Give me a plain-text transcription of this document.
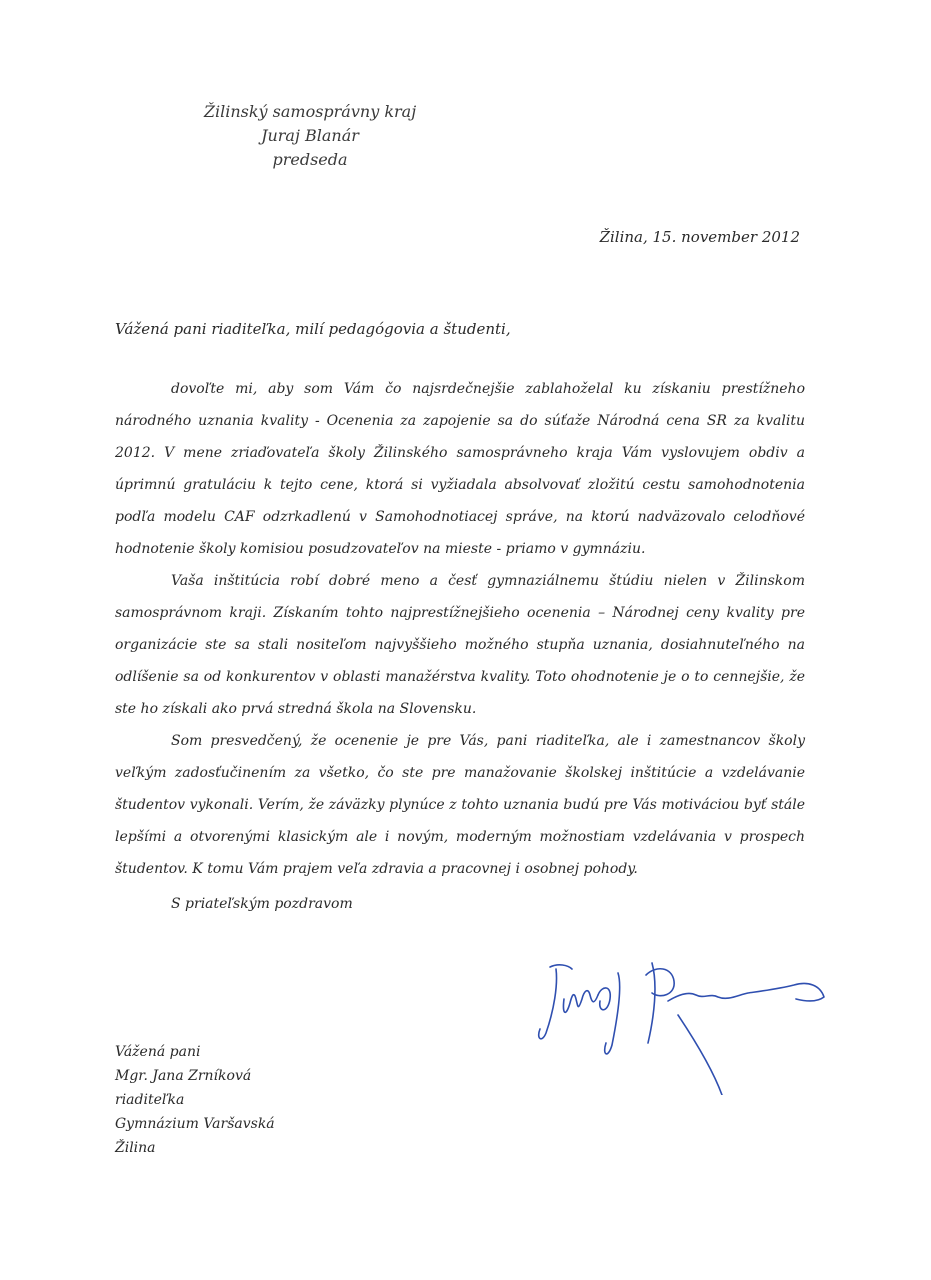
Žilinský samosprávny kraj
Juraj Blanár
predseda
Žilina, 15. november 2012
Vážená pani riaditeľka, milí pedagógovia a študenti,

dovoľte mi, aby som Vám čo najsrdečnejšie zablahoželal ku získaniu prestížneho národného uznania kvality - Ocenenia za zapojenie sa do súťaže Národná cena SR za kvalitu 2012. V mene zriaďovateľa školy Žilinského samosprávneho kraja Vám vyslovujem obdiv a úprimnú gratuláciu k tejto cene, ktorá si vyžiadala absolvovať zložitú cestu samohodnotenia podľa modelu CAF odzrkadlenú v Samohodnotiacej správe, na ktorú nadväzovalo celodňové hodnotenie školy komisiou posudzovateľov na mieste - priamo v gymnáziu.

Vaša inštitúcia robí dobré meno a česť gymnaziálnemu štúdiu nielen v Žilinskom samosprávnom kraji. Získaním tohto najprestížnejšieho ocenenia – Národnej ceny kvality pre organizácie ste sa stali nositeľom najvyššieho možného stupňa uznania, dosiahnuteľného na odlíšenie sa od konkurentov v oblasti manažérstva kvality. Toto ohodnotenie je o to cennejšie, že ste ho získali ako prvá stredná škola na Slovensku.

Som presvedčený, že ocenenie je pre Vás, pani riaditeľka, ale i zamestnancov školy veľkým zadosťučinením za všetko, čo ste pre manažovanie školskej inštitúcie a vzdelávanie študentov vykonali. Verím, že záväzky plynúce z tohto uznania budú pre Vás motiváciou byť stále lepšími a otvorenými klasickým ale i novým, moderným možnostiam vzdelávania v prospech študentov. K tomu Vám prajem veľa zdravia a pracovnej i osobnej pohody.

S priateľským pozdravom
Vážená pani
Mgr. Jana Zrníková
riaditeľka
Gymnázium Varšavská
Žilina
